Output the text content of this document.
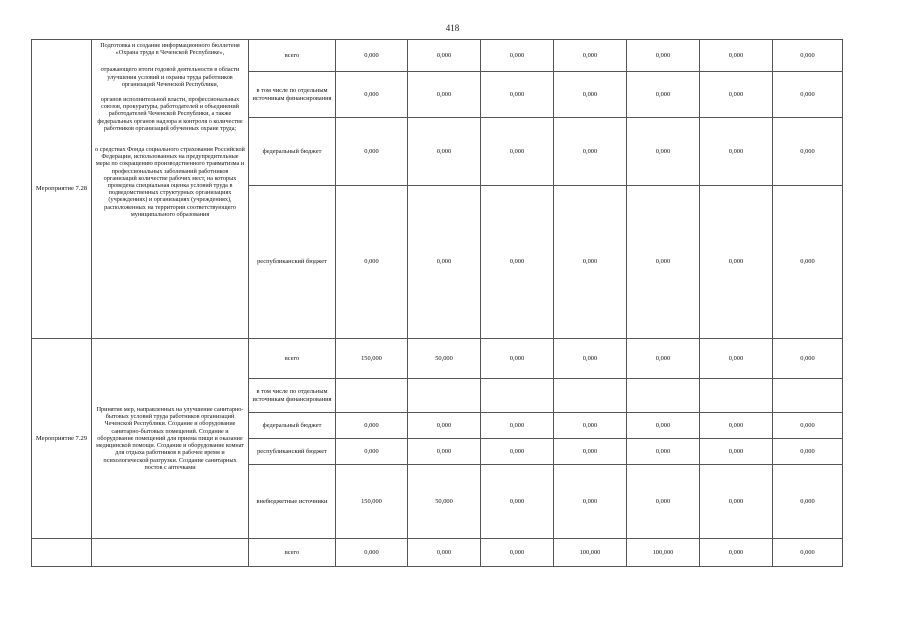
418
Мероприятие 7.28	Подготовка и создание информационного бюллетеня «Охрана труда в Чеченской Республике»,
отражающего итоги годовой деятельности в области улучшения условий и охраны труда работников организаций Чеченской Республики,
органов исполнительной власти, профессиональных союзов, прокуратуры, работодателей и объединений работодателей Чеченской Республики, а также федеральных органов надзора и контроля о количестве работников организаций обученных охране труда;
о средствах Фонда социального страхования Российской Федерации, использованных на предупредительные меры по сокращению производственного травматизма и профессиональных заболеваний работников организаций количестве рабочих мест, на которых проведена специальная оценка условий труда в подведомственных структурных организациях (учреждениях) и организациях (учреждениях), расположенных на территории соответствующего муниципального образования	всего	0,000	0,000	0,000	0,000	0,000	0,000	0,000
		в том числе по отдельным источникам финансирования	0,000	0,000	0,000	0,000	0,000	0,000	0,000
		федеральный бюджет	0,000	0,000	0,000	0,000	0,000	0,000	0,000
		республиканский бюджет	0,000	0,000	0,000	0,000	0,000	0,000	0,000
Мероприятие 7.29	Принятие мер, направленных на улучшение санитарно-бытовых условий труда работников организаций Чеченской Республики. Создание и оборудование санитарно-бытовых помещений. Создание и оборудование помещений для приема пищи и оказание медицинской помощи. Создание и оборудование комнат для отдыха работников в рабочее время и психологической разгрузки. Создание санитарных постов с аптечками	всего	150,000	50,000	0,000	0,000	0,000	0,000	0,000
		в том числе по отдельным источникам финансирования							
		федеральный бюджет	0,000	0,000	0,000	0,000	0,000	0,000	0,000
		республиканский бюджет	0,000	0,000	0,000	0,000	0,000	0,000	0,000
		внебюджетные источники	150,000	50,000	0,000	0,000	0,000	0,000	0,000
		всего	0,000	0,000	0,000	100,000	100,000	0,000	0,000
